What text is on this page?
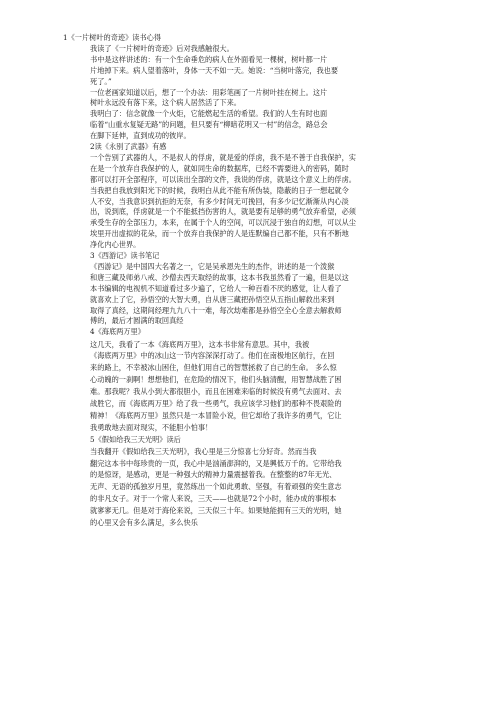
1《一片树叶的奇迹》读书心得
我读了《一片树叶的奇迹》后对我感触很大。
书中是这样讲述的：有一个生命垂危的病人在外面看见一棵树，树叶都一片
片地掉下来。病人望着落叶，身体一天不如一天。她说：“当树叶落完，我也要
死了。”
一位老画家知道以后，想了一个办法：用彩笔画了一片树叶挂在树上。这片
树叶永远没有落下来，这个病人居然活了下来。
我明白了：信念就像一个火炬，它能燃起生活的希望。我们的人生有时也面
临着“山重水复疑无路”的问题，但只要有“柳暗花明又一村”的信念，路总会
在脚下延伸，直到成功的彼岸。
2读《永别了武器》有感
一个告别了武器的人，不是叔人的俘虏，就是爱的俘虏，我不是不善于自我保护，实
在是一个放弃自我保护的人，就如同生命的数据库，已经不需要进入的密码，随时
都可以打开全部程序，可以读出全部的文件，我说的俘虏，就是这个意义上的俘虏。
当我把自我放到阳光下的时候，我明白从此不能有所伪装，隐蔽的日子一想起就令
人不安，当我意识到抗拒的无奈，有多少时间无可挽回，有多少记忆渐渐从内心淡
出，说到底，俘虏就是一个不能抵挡伤害的人，就是要有足够的勇气放弃希望，必须
承受生存的全部压力，本来，在属于个人的空间，可以沉浸于独自的幻想，可以从尘
埃里开出虚拟的花朵，而一个放弃自我保护的人是连默编自己都不能，只有不断地
净化内心世界。
3《西游记》读书笔记
《西游记》是中国四大名著之一，它是吴承恩先生的杰作，讲述的是一个泼猴
和唐三藏及师弟八戒、沙僧去西天取经的故事，这本书我虽然看了一遍，但是以这
本书编辑的电视机不知道看过多少遍了，它给人一种百看不厌的感觉，让人看了
就喜欢上了它，孙悟空的大智大勇，自从唐三藏把孙悟空从五指山解救出来到
取得了真经，这期间经理九九八十一难，每次劫难都是孙悟空全心全意去解救师
傅的，最后才圆满的取回真经
4《海底两万里》
这几天，我看了一本《海底两万里》，这本书非常有意思。其中，我被
《海底两万里》中的冰山这一节内容深深打动了。他们在南极地区航行，在回
来的路上，不幸被冰山困住，但他们用自己的智慧拯救了自己的生命。 多么惊
心动魄的一刹啊！想想他们，在危险的情况下，他们头脑清醒，用智慧战胜了困
难。那我呢？我从小到大都很胆小，而且在困难来临的时候没有勇气去面对、去
战胜它，而《海底两万里》给了我一些勇气，我应该学习他们的那种不畏艰险的
精神！《海底两万里》虽然只是一本冒险小说，但它却给了我许多的勇气，它让
我勇敢地去面对现实，不能胆小怕事！
5《假如给我三天光明》读后
当我翻开《假如给我三天光明》，我心里是三分惊喜七分好奇。然而当我
翻完这本书中每珍贵的一页，我心中是汹涌澎湃的，又是興低万千的。它带给我
的是惊讶，是感动，更是一种强大的精神力量震撼着我。在整整的87年无光、
无声、无语的孤独岁月里，竟然练出一个如此勇敢、坚强，有着顽强的奕生意志
的非凡女子。对于一个常人来说，三天——也就是72个小时，能办成的事根本
就寥寥无几。但是对于海伦来说，三天似三十年。如果她能拥有三天的光明，她
的心里又会有多么满足，多么快乐
